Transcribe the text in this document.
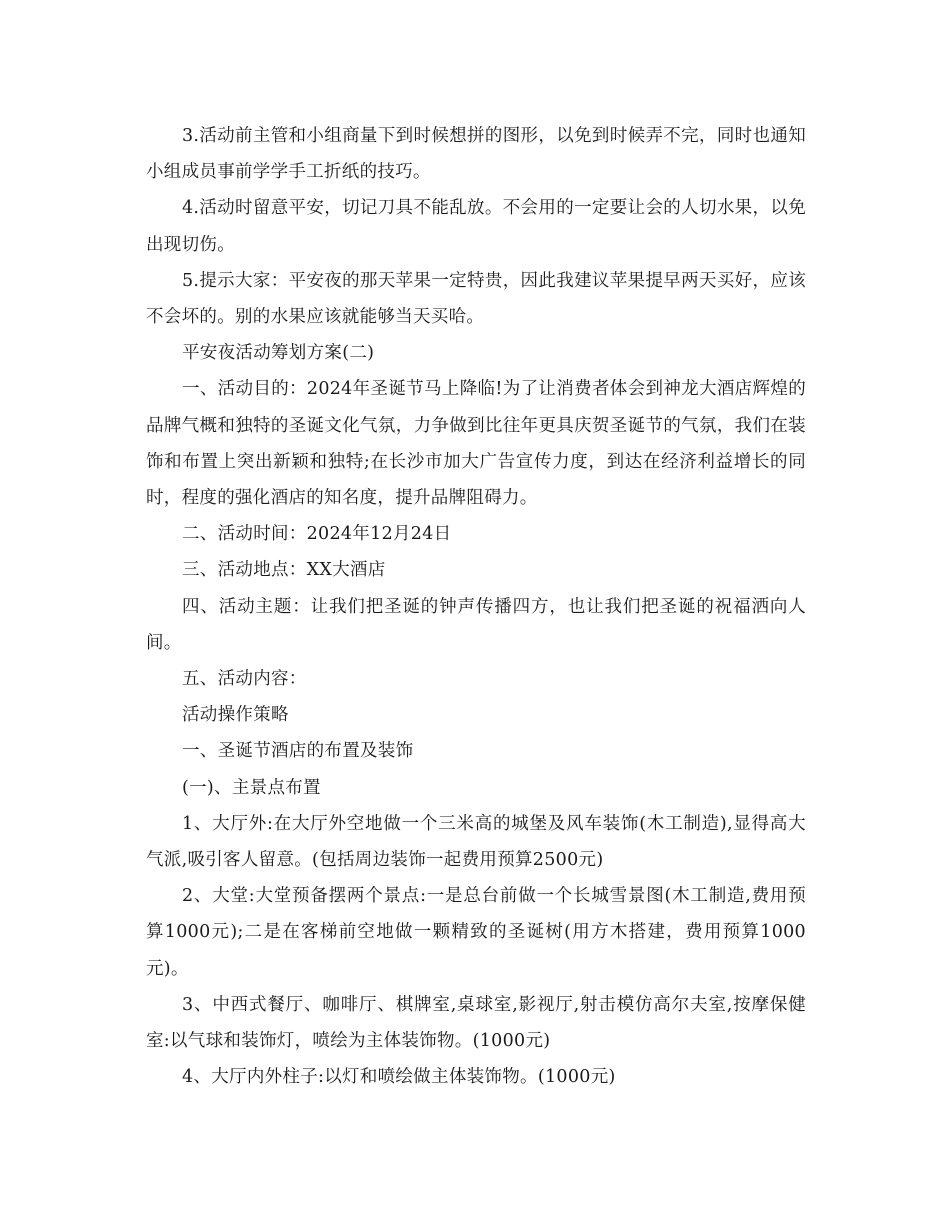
3.活动前主管和小组商量下到时候想拼的图形，以免到时候弄不完，同时也通知小组成员事前学学手工折纸的技巧。

4.活动时留意平安，切记刀具不能乱放。不会用的一定要让会的人切水果，以免出现切伤。

5.提示大家：平安夜的那天苹果一定特贵，因此我建议苹果提早两天买好，应该不会坏的。别的水果应该就能够当天买哈。

平安夜活动筹划方案(二)

一、活动目的：2024年圣诞节马上降临!为了让消费者体会到神龙大酒店辉煌的品牌气概和独特的圣诞文化气氛，力争做到比往年更具庆贺圣诞节的气氛，我们在装饰和布置上突出新颖和独特;在长沙市加大广告宣传力度，到达在经济利益增长的同时，程度的强化酒店的知名度，提升品牌阻碍力。

二、活动时间：2024年12月24日

三、活动地点：XX大酒店

四、活动主题：让我们把圣诞的钟声传播四方，也让我们把圣诞的祝福洒向人间。

五、活动内容：

活动操作策略

一、圣诞节酒店的布置及装饰

(一)、主景点布置

1、大厅外:在大厅外空地做一个三米高的城堡及风车装饰(木工制造),显得高大气派,吸引客人留意。(包括周边装饰一起费用预算2500元)

2、大堂:大堂预备摆两个景点:一是总台前做一个长城雪景图(木工制造,费用预算1000元);二是在客梯前空地做一颗精致的圣诞树(用方木搭建，费用预算1000元)。

3、中西式餐厅、咖啡厅、棋牌室,桌球室,影视厅,射击模仿高尔夫室,按摩保健室:以气球和装饰灯，喷绘为主体装饰物。(1000元)

4、大厅内外柱子:以灯和喷绘做主体装饰物。(1000元)
